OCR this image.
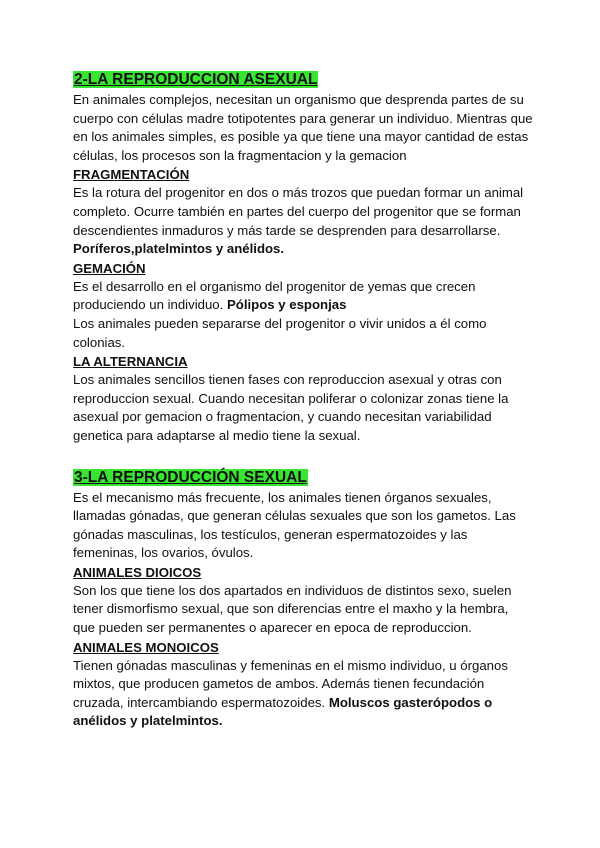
2-LA REPRODUCCION ASEXUAL

En animales complejos, necesitan un organismo que desprenda partes de su cuerpo con células madre totipotentes para generar un individuo. Mientras que en los animales simples, es posible ya que tiene una mayor cantidad de estas células, los procesos son la fragmentacion y la gemacion

FRAGMENTACIÓN

Es la rotura del progenitor en dos o más trozos que puedan formar un animal completo. Ocurre también en partes del cuerpo del progenitor que se forman descendientes inmaduros y más tarde se desprenden para desarrollarse. Poríferos,platelmintos y anélidos.

GEMACIÓN

Es el desarrollo en el organismo del progenitor de yemas que crecen produciendo un individuo. Pólipos y esponjas

Los animales pueden separarse del progenitor o vivir unidos a él como colonias.

LA ALTERNANCIA

Los animales sencillos tienen fases con reproduccion asexual y otras con reproduccion sexual. Cuando necesitan poliferar o colonizar zonas tiene la asexual por gemacion o fragmentacion, y cuando necesitan variabilidad genetica para adaptarse al medio tiene la sexual.

3-LA REPRODUCCIÓN SEXUAL

Es el mecanismo más frecuente, los animales tienen órganos sexuales, llamadas gónadas, que generan células sexuales que son los gametos. Las gónadas masculinas, los testículos, generan espermatozoides y las femeninas, los ovarios, óvulos.

ANIMALES DIOICOS

Son los que tiene los dos apartados en individuos de distintos sexo, suelen tener dismorfismo sexual, que son diferencias entre el maxho y la hembra, que pueden ser permanentes o aparecer en epoca de reproduccion.

ANIMALES MONOICOS

Tienen gónadas masculinas y femeninas en el mismo individuo, u órganos mixtos, que producen gametos de ambos. Además tienen fecundación cruzada, intercambiando espermatozoides. Moluscos gasterópodos o anélidos y platelmintos.
